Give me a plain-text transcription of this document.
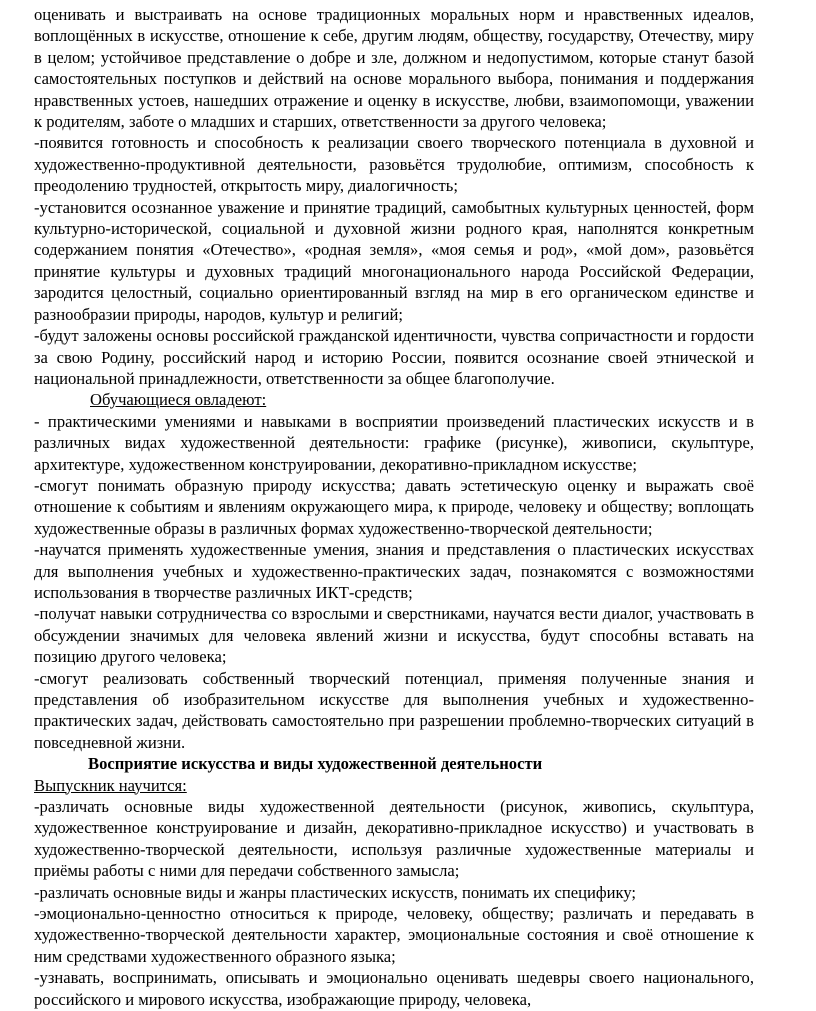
оценивать и выстраивать на основе традиционных моральных норм и нравственных идеалов, воплощённых в искусстве, отношение к себе, другим людям, обществу, государству, Отечеству, миру в целом; устойчивое представление о добре и зле, должном и недопустимом, которые станут базой самостоятельных поступков и действий на основе морального выбора, понимания и поддержания нравственных устоев, нашедших отражение и оценку в искусстве, любви, взаимопомощи, уважении к родителям, заботе о младших и старших, ответственности за другого человека;

-появится готовность и способность к реализации своего творческого потенциала в духовной и художественно-продуктивной деятельности, разовьётся трудолюбие, оптимизм, способность к преодолению трудностей, открытость миру, диалогичность;

-установится осознанное уважение и принятие традиций, самобытных культурных ценностей, форм культурно-исторической, социальной и духовной жизни родного края, наполнятся конкретным содержанием понятия «Отечество», «родная земля», «моя семья и род», «мой дом», разовьётся принятие культуры и духовных традиций многонационального народа Российской Федерации, зародится целостный, социально ориентированный взгляд на мир в его органическом единстве и разнообразии природы, народов, культур и религий;

-будут заложены основы российской гражданской идентичности, чувства сопричастности и гордости за свою Родину, российский народ и историю России, появится осознание своей этнической и национальной принадлежности, ответственности за общее благополучие.

Обучающиеся овладеют:

- практическими умениями и навыками в восприятии произведений пластических искусств и в различных видах художественной деятельности: графике (рисунке), живописи, скульптуре, архитектуре, художественном конструировании, декоративно-прикладном искусстве;

-смогут понимать образную природу искусства; давать эстетическую оценку и выражать своё отношение к событиям и явлениям окружающего мира, к природе, человеку и обществу; воплощать художественные образы в различных формах художественно-творческой деятельности;

-научатся применять художественные умения, знания и представления о пластических искусствах для выполнения учебных и художественно-практических задач, познакомятся с возможностями использования в творчестве различных ИКТ-средств;

-получат навыки сотрудничества со взрослыми и сверстниками, научатся вести диалог, участвовать в обсуждении значимых для человека явлений жизни и искусства, будут способны вставать на позицию другого человека;

-смогут реализовать собственный творческий потенциал, применяя полученные знания и представления об изобразительном искусстве для выполнения учебных и художественно-практических задач, действовать самостоятельно при разрешении проблемно-творческих ситуаций в повседневной жизни.

Восприятие искусства и виды художественной деятельности

Выпускник научится:

-различать основные виды художественной деятельности (рисунок, живопись, скульптура, художественное конструирование и дизайн, декоративно-прикладное искусство) и участвовать в художественно-творческой деятельности, используя различные художественные материалы и приёмы работы с ними для передачи собственного замысла;

-различать основные виды и жанры пластических искусств, понимать их специфику;

-эмоционально-ценностно относиться к природе, человеку, обществу; различать и передавать в художественно-творческой деятельности характер, эмоциональные состояния и своё отношение к ним средствами художественного образного языка;

-узнавать, воспринимать, описывать и эмоционально оценивать шедевры своего национального, российского и мирового искусства, изображающие природу, человека,
